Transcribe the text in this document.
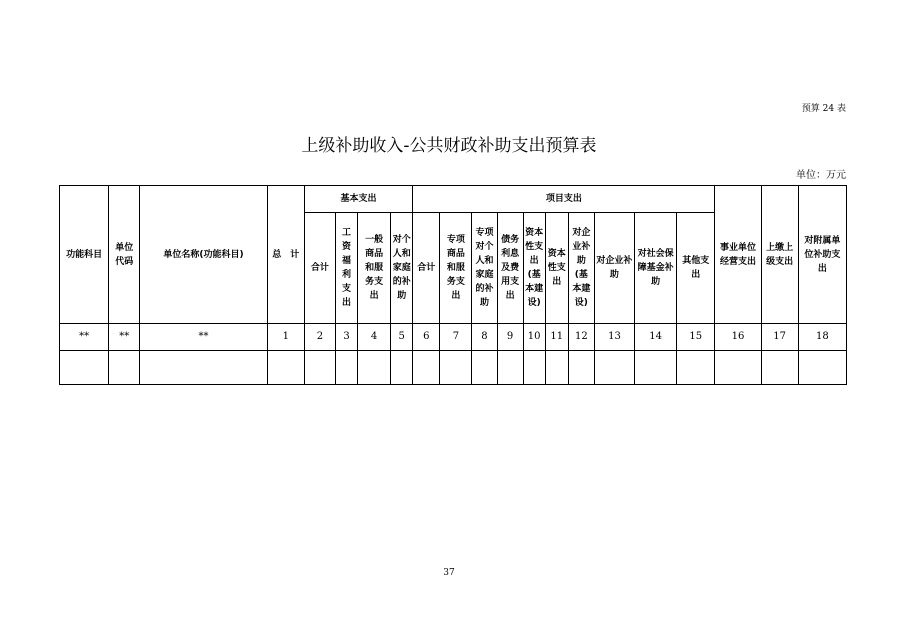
预算 24 表
上级补助收入-公共财政补助支出预算表
单位：万元
功能科目	单位代码	单位名称(功能科目)	总　计	基本支出				项目支出										事业单位经营支出	上缴上级支出	对附属单位补助支出
				合计	工资福利支出	一般商品和服务支出	对个人和家庭的补助	合计	专项商品和服务支出	专项对个人和家庭的补助	债务利息及费用支出	资本性支出(基本建设)	资本性支出	对企业补助(基本建设)	对企业补助	对社会保障基金补助	其他支出			
**	**	**	1	2	3	4	5	6	7	8	9	10	11	12	13	14	15	16	17	18

37
